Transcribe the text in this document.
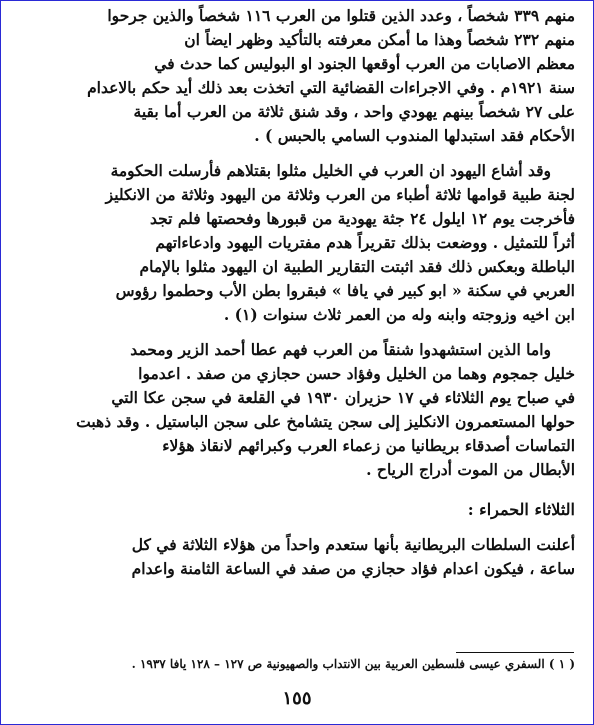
منهم ٣٣٩ شخصاً ، وعدد الذين قتلوا من العرب ١١٦ شخصاً والذين جرحوا
منهم ٢٣٢ شخصاً وهذا ما أمكن معرفته بالتأكيد وظهر ايضاً ان
معظم الاصابات من العرب أوقعها الجنود او البوليس كما حدث في
سنة ١٩٢١م . وفي الاجراءات القضائية التي اتخذت بعد ذلك أيد حكم بالاعدام
على ٢٧ شخصاً بينهم يهودي واحد ، وقد شنق ثلاثة من العرب أما بقية
الأحكام فقد استبدلها المندوب السامي بالحبس ) .
وقد أشاع اليهود ان العرب في الخليل مثلوا بقتلاهم فأرسلت الحكومة
لجنة طبية قوامها ثلاثة أطباء من العرب وثلاثة من اليهود وثلاثة من الانكليز
فأخرجت يوم ١٢ ايلول ٢٤ جثة يهودية من قبورها وفحصتها فلم تجد
أثراً للتمثيل . ووضعت بذلك تقريراً هدم مفتريات اليهود وادعاءاتهم
الباطلة وبعكس ذلك فقد اثبتت التقارير الطبية ان اليهود مثلوا بالإمام
العربي في سكنة « ابو كبير في يافا » فبقروا بطن الأب وحطموا رؤوس
ابن اخيه وزوجته وابنه وله من العمر ثلاث سنوات (١) .
واما الذين استشهدوا شنقاً من العرب فهم عطا أحمد الزير ومحمد
خليل جمجوم وهما من الخليل وفؤاد حسن حجازي من صفد . اعدموا
في صباح يوم الثلاثاء في ١٧ حزيران ١٩٣٠ في القلعة في سجن عكا التي
حولها المستعمرون الانكليز إلى سجن يتشامخ على سجن الباستيل . وقد ذهبت
التماسات أصدقاء بريطانيا من زعماء العرب وكبرائهم لانقاذ هؤلاء
الأبطال من الموت أدراج الرياح .
الثلاثاء الحمراء :
أعلنت السلطات البريطانية بأنها ستعدم واحداً من هؤلاء الثلاثة في كل
ساعة ، فيكون اعدام فؤاد حجازي من صفد في الساعة الثامنة واعدام
( ١ ) السفري عيسى فلسطين العربية بين الانتداب والصهيونية ص ١٢٧ – ١٢٨ يافا ١٩٣٧ .
١٥٥
